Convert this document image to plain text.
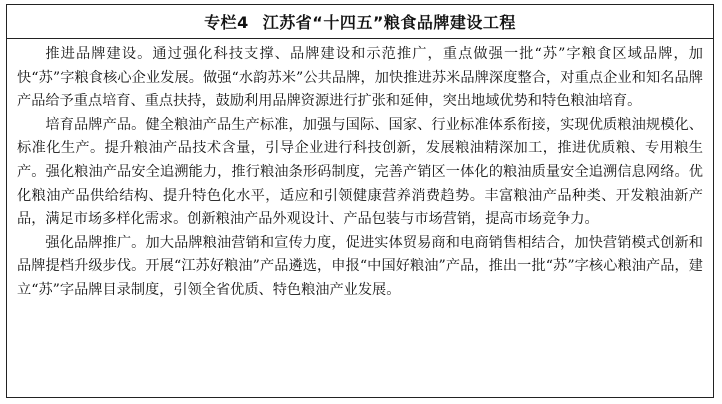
专栏4 江苏省“十四五”粮食品牌建设工程

推进品牌建设。通过强化科技支撑、品牌建设和示范推广，重点做强一批“苏”字粮食区域品牌，加快“苏”字粮食核心企业发展。做强“水韵苏米”公共品牌，加快推进苏米品牌深度整合，对重点企业和知名品牌产品给予重点培育、重点扶持，鼓励利用品牌资源进行扩张和延伸，突出地域优势和特色粮油培育。

培育品牌产品。健全粮油产品生产标准，加强与国际、国家、行业标准体系衔接，实现优质粮油规模化、标准化生产。提升粮油产品技术含量，引导企业进行科技创新，发展粮油精深加工，推进优质粮、专用粮生产。强化粮油产品安全追溯能力，推行粮油条形码制度，完善产销区一体化的粮油质量安全追溯信息网络。优化粮油产品供给结构、提升特色化水平，适应和引领健康营养消费趋势。丰富粮油产品种类、开发粮油新产品，满足市场多样化需求。创新粮油产品外观设计、产品包装与市场营销，提高市场竞争力。

强化品牌推广。加大品牌粮油营销和宣传力度，促进实体贸易商和电商销售相结合，加快营销模式创新和品牌提档升级步伐。开展“江苏好粮油”产品遴选，申报“中国好粮油”产品，推出一批“苏”字核心粮油产品，建立“苏”字品牌目录制度，引领全省优质、特色粮油产业发展。
